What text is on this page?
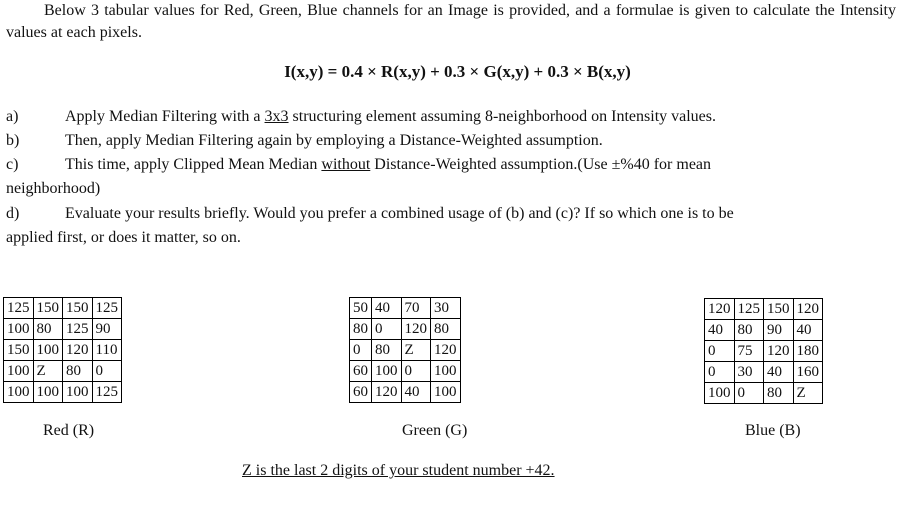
Below 3 tabular values for Red, Green, Blue channels for an Image is provided, and a formulae is given to calculate the Intensity values at each pixels.
I(x,y) = 0.4 × R(x,y) + 0.3 × G(x,y) + 0.3 × B(x,y)
a)	Apply Median Filtering with a 3x3 structuring element assuming 8-neighborhood on Intensity values.
b)	Then, apply Median Filtering again by employing a Distance-Weighted assumption.
c)	This time, apply Clipped Mean Median without Distance-Weighted assumption.(Use ±%40 for mean
neighborhood)
d)	Evaluate your results briefly. Would you prefer a combined usage of (b) and (c)? If so which one is to be
applied first, or does it matter, so on.
125	150	150	125
100	80	125	90
150	100	120	110
100	Z	80	0
100	100	100	125
Red (R)
50	40	70	30
80	0	120	80
0	80	Z	120
60	100	0	100
60	120	40	100
Green (G)
120	125	150	120
40	80	90	40
0	75	120	180
0	30	40	160
100	0	80	Z
Blue (B)
Z is the last 2 digits of your student number +42.
